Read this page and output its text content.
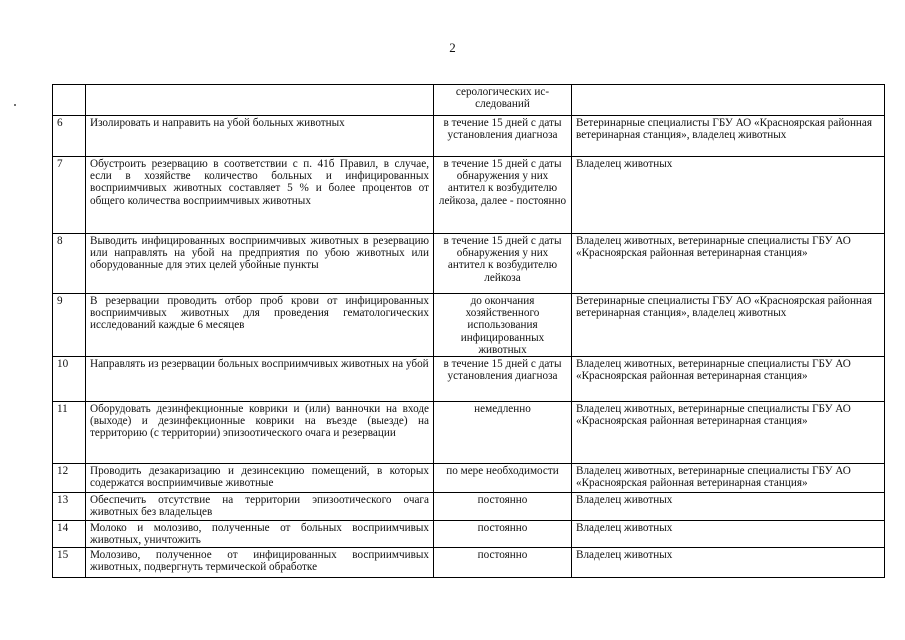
2
		серологических ис-следований	
6	Изолировать и направить на убой больных животных	в течение 15 дней с даты установления диагноза	Ветеринарные специалисты ГБУ АО «Красноярская районная ветеринарная станция», владелец животных
7	Обустроить резервацию в соответствии с п. 41б Правил, в случае, если в хозяйстве количество больных и инфицированных восприимчивых животных составляет 5 % и более процентов от общего количества восприимчивых животных	в течение 15 дней с даты обнаружения у них антител к возбудителю лейкоза, далее - постоянно	Владелец животных
8	Выводить инфицированных восприимчивых животных в резервацию или направлять на убой на предприятия по убою животных или оборудованные для этих целей убойные пункты	в течение 15 дней с даты обнаружения у них антител к возбудителю лейкоза	Владелец животных, ветеринарные специалисты ГБУ АО «Красноярская районная ветеринарная станция»
9	В резервации проводить отбор проб крови от инфицированных восприимчивых животных для проведения гематологических исследований каждые 6 месяцев	до окончания хозяйственного использования инфицированных животных	Ветеринарные специалисты ГБУ АО «Красноярская районная ветеринарная станция», владелец животных
10	Направлять из резервации больных восприимчивых животных на убой	в течение 15 дней с даты установления диагноза	Владелец животных, ветеринарные специалисты ГБУ АО «Красноярская районная ветеринарная станция»
11	Оборудовать дезинфекционные коврики и (или) ванночки на входе (выходе) и дезинфекционные коврики на въезде (выезде) на территорию (с территории) эпизоотического очага и резервации	немедленно	Владелец животных, ветеринарные специалисты ГБУ АО «Красноярская районная ветеринарная станция»
12	Проводить дезакаризацию и дезинсекцию помещений, в которых содержатся восприимчивые животные	по мере необходимости	Владелец животных, ветеринарные специалисты ГБУ АО «Красноярская районная ветеринарная станция»
13	Обеспечить отсутствие на территории эпизоотического очага животных без владельцев	постоянно	Владелец животных
14	Молоко и молозиво, полученные от больных восприимчивых животных, уничтожить	постоянно	Владелец животных
15	Молозиво, полученное от инфицированных восприимчивых животных, подвергнуть термической обработке	постоянно	Владелец животных
